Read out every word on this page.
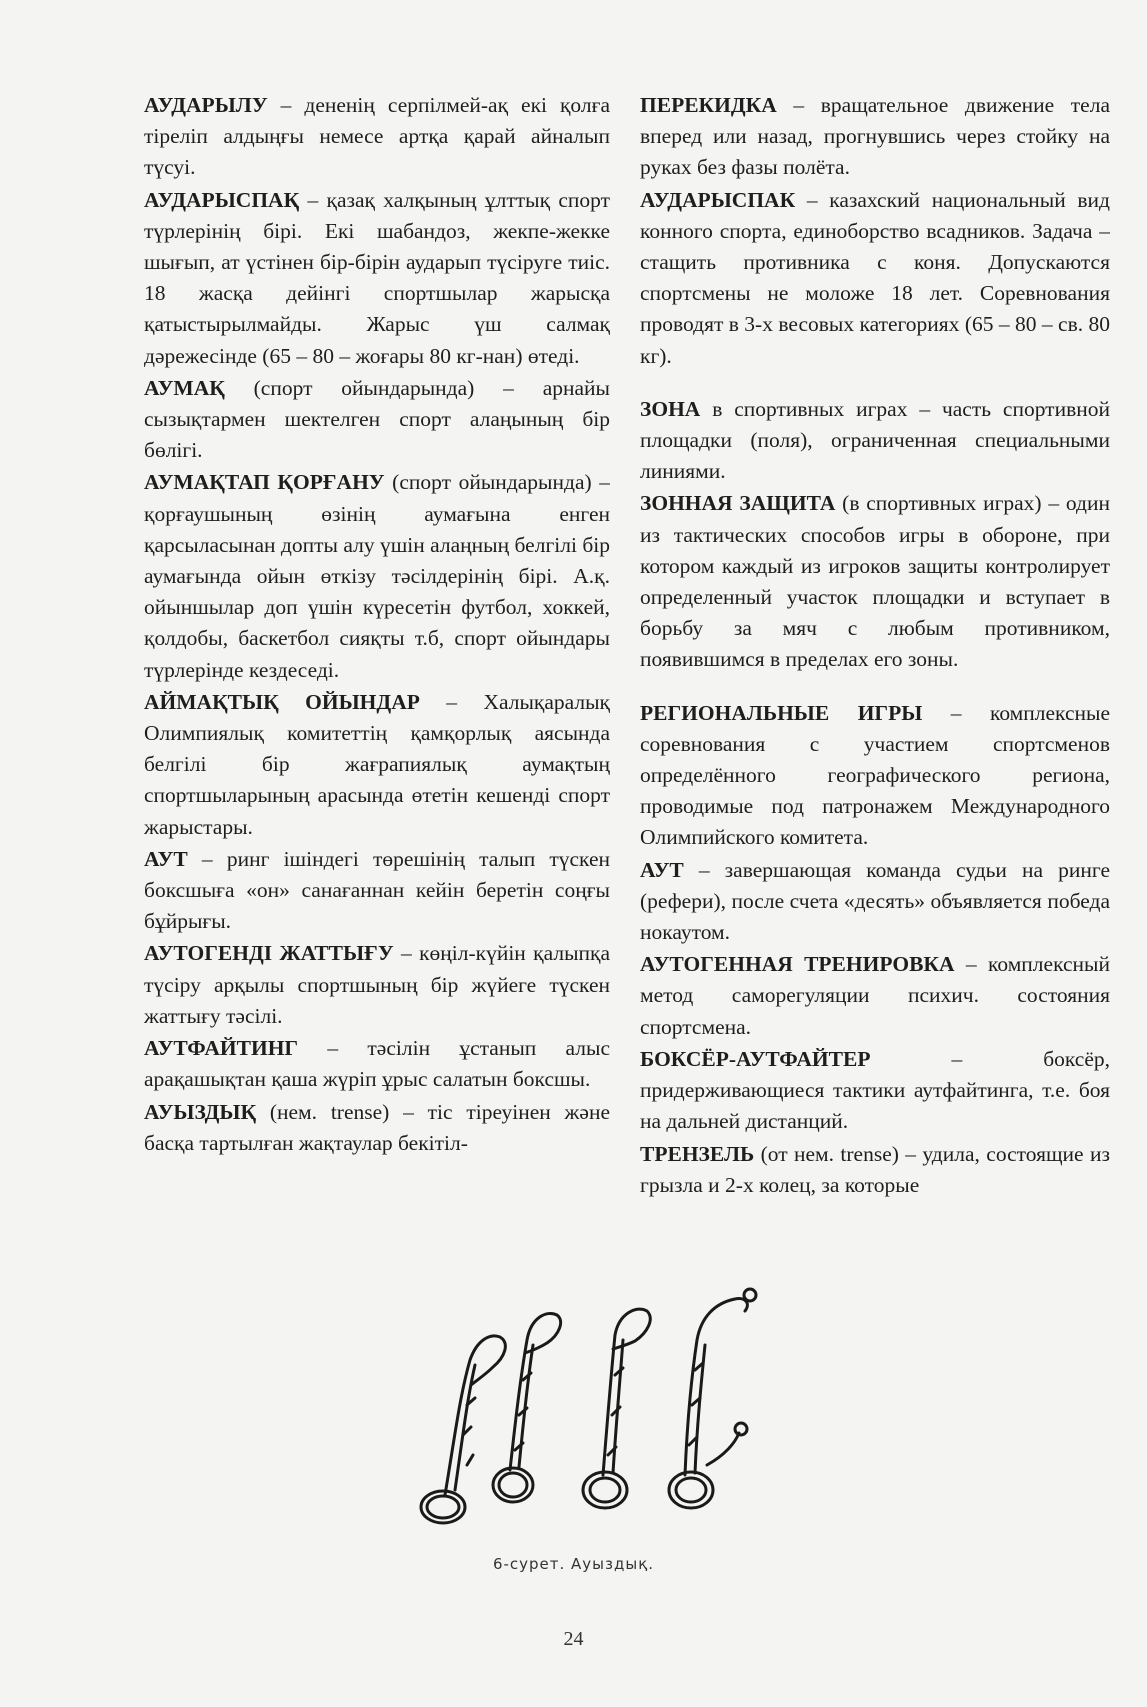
АУДАРЫЛУ – дененің серпілмей-ақ екі қолға тіреліп алдыңғы немесе артқа қарай айналып түсуі.

АУДАРЫСПАҚ – қазақ халқының ұлттық спорт түрлерінің бірі. Екі шабандоз, жекпе-жекке шығып, ат үстінен бір-бірін аударып түсіруге тиіс. 18 жасқа дейінгі спортшылар жарысқа қатыстырылмайды. Жарыс үш салмақ дәрежесінде (65 – 80 – жоғары 80 кг-нан) өтеді.

АУМАҚ (спорт ойындарында) – арнайы сызықтармен шектелген спорт алаңының бір бөлігі.

АУМАҚТАП ҚОРҒАНУ (спорт ойындарында) – қорғаушының өзінің аумағына енген қарсыласынан допты алу үшін алаңның белгілі бір аумағында ойын өткізу тәсілдерінің бірі. А.қ. ойыншылар доп үшін күресетін футбол, хоккей, қолдобы, баскетбол сияқты т.б, спорт ойындары түрлерінде кездеседі.

АЙМАҚТЫҚ ОЙЫНДАР – Халықаралық Олимпиялық комитеттің қамқорлық аясында белгілі бір жағрапиялық аумақтың спортшыларының арасында өтетін кешенді спорт жарыстары.

АУТ – ринг ішіндегі төрешінің талып түскен боксшыға «он» санағаннан кейін беретін соңғы бұйрығы.

АУТОГЕНДІ ЖАТТЫҒУ – көңіл-күйін қалыпқа түсіру арқылы спортшының бір жүйеге түскен жаттығу тәсілі.

АУТФАЙТИНГ – тәсілін ұстанып алыс арақашықтан қаша жүріп ұрыс салатын боксшы.

АУЫЗДЫҚ (нем. trense) – тіс тіреуінен және басқа тартылған жақтаулар бекітіл-

ПЕРЕКИДКА – вращательное движение тела вперед или назад, прогнувшись через стойку на руках без фазы полёта.

АУДАРЫСПАК – казахский национальный вид конного спорта, единоборство всадников. Задача – стащить противника с коня. Допускаются спортсмены не моложе 18 лет. Соревнования проводят в 3-х весовых категориях (65 – 80 – св. 80 кг).

ЗОНА в спортивных играх – часть спортивной площадки (поля), ограниченная специальными линиями.

ЗОННАЯ ЗАЩИТА (в спортивных играх) – один из тактических способов игры в обороне, при котором каждый из игроков защиты контролирует определенный участок площадки и вступает в борьбу за мяч с любым противником, появившимся в пределах его зоны.

РЕГИОНАЛЬНЫЕ ИГРЫ – комплексные соревнования с участием спортсменов определённого географического региона, проводимые под патронажем Международного Олимпийского комитета.

АУТ – завершающая команда судьи на ринге (рефери), после счета «десять» объявляется победа нокаутом.

АУТОГЕННАЯ ТРЕНИРОВКА – комплексный метод саморегуляции психич. состояния спортсмена.

БОКСЁР-АУТФАЙТЕР – боксёр, придерживающиеся тактики аутфайтинга, т.е. боя на дальней дистанций.

ТРЕНЗЕЛЬ (от нем. trense) – удила, состоящие из грызла и 2-х колец, за которые

6-сурет. Ауыздық.
24
